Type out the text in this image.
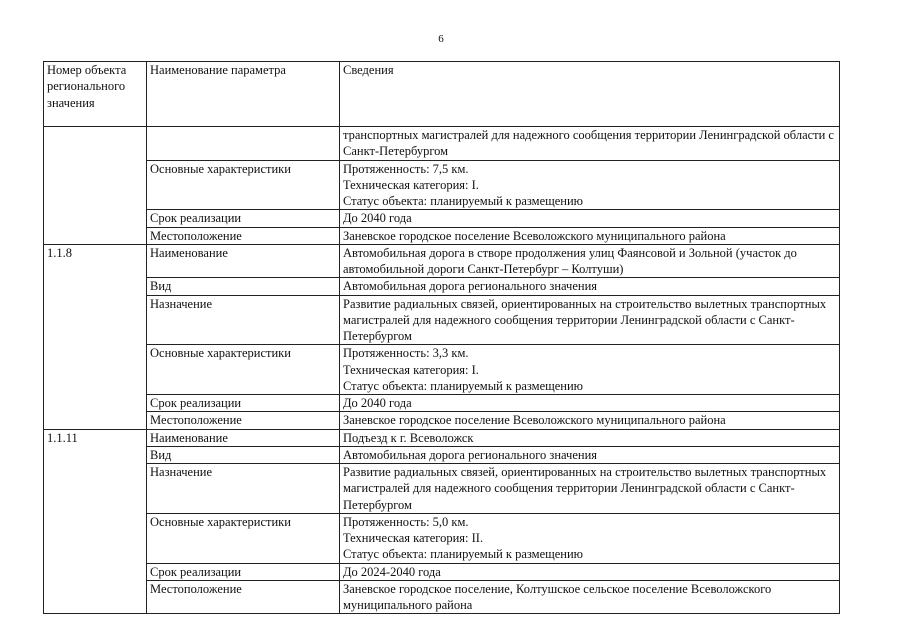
6
Номер объекта регионального значения	Наименование параметра	Сведения
		транспортных магистралей для надежного сообщения территории Ленинградской области с Санкт-Петербургом
	Основные характеристики	Протяженность: 7,5 км.
Техническая категория: I.
Статус объекта: планируемый к размещению

	Срок реализации	До 2040 года

	Местоположение	Заневское городское поселение Всеволожского муниципального района

1.1.8	Наименование	Автомобильная дорога в створе продолжения улиц Фаянсовой и Зольной (участок до автомобильной дороги Санкт-Петербург – Колтуши)

	Вид	Автомобильная дорога регионального значения

	Назначение	Развитие радиальных связей, ориентированных на строительство вылетных транспортных магистралей для надежного сообщения территории Ленинградской области с Санкт-Петербургом

	Основные характеристики	Протяженность: 3,3 км.
Техническая категория: I.
Статус объекта: планируемый к размещению

	Срок реализации	До 2040 года

	Местоположение	Заневское городское поселение Всеволожского муниципального района

1.1.11	Наименование	Подъезд к г. Всеволожск

	Вид	Автомобильная дорога регионального значения

	Назначение	Развитие радиальных связей, ориентированных на строительство вылетных транспортных магистралей для надежного сообщения территории Ленинградской области с Санкт-Петербургом

	Основные характеристики	Протяженность: 5,0 км.
Техническая категория: II.
Статус объекта: планируемый к размещению

	Срок реализации	До 2024-2040 года

	Местоположение	Заневское городское поселение, Колтушское сельское поселение Всеволожского муниципального района
